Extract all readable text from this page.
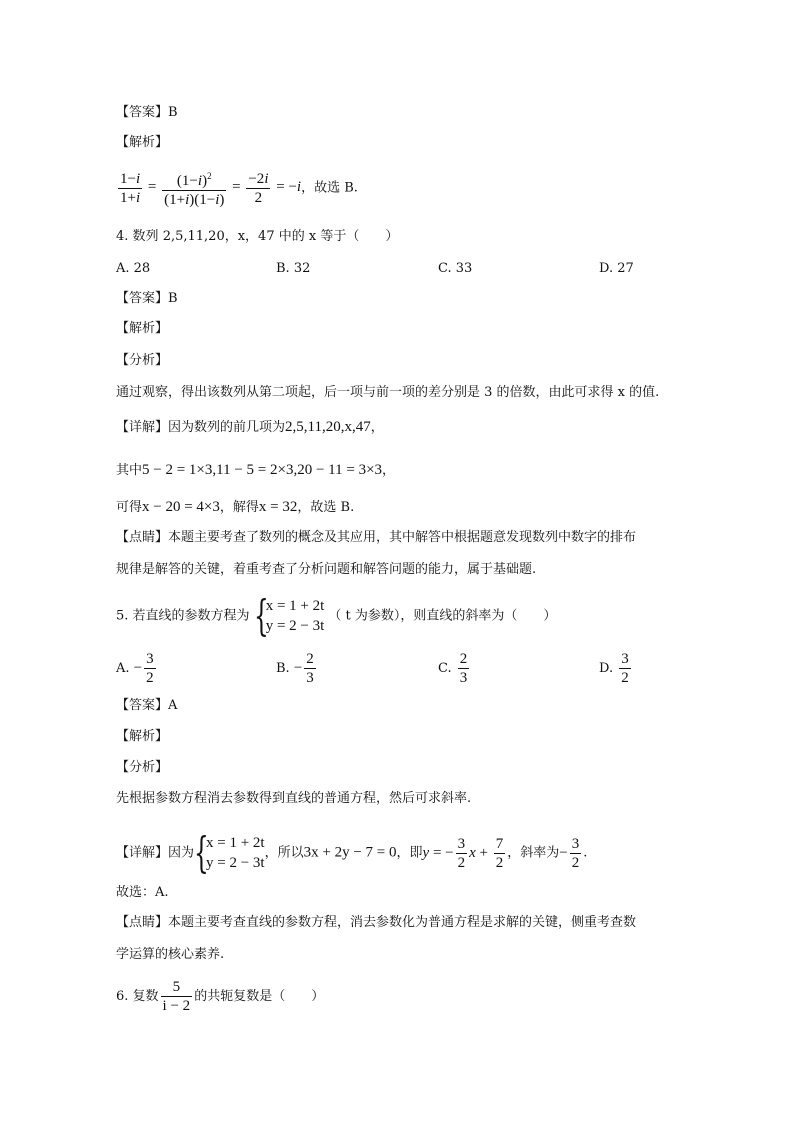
【答案】B
【解析】
$\frac{1-i}{1+i} = \frac{(1-i)^2}{(1+i)(1-i)} = \frac{-2i}{2} = -i$，故选 B.
4. 数列 2,5,11,20，x，47 中的 x 等于（　　）
A. 28	B. 32	C. 33	D. 27
【答案】B
【解析】
【分析】
通过观察，得出该数列从第二项起，后一项与前一项的差分别是 3 的倍数，由此可求得 x 的值.
【详解】因为数列的前几项为2,5,11,20,x,47，
其中5 − 2 = 1×3,11 − 5 = 2×3,20 − 11 = 3×3，
可得x − 20 = 4×3，解得x = 32，故选 B.
【点睛】本题主要考查了数列的概念及其应用，其中解答中根据题意发现数列中数字的排布
规律是解答的关键，着重考查了分析问题和解答问题的能力，属于基础题.
5. 若直线的参数方程为 {
x = 1 + 2t
y = 2 − 3t
（ t 为参数），则直线的斜率为（　　）
A. − $\frac{3}{2}$	B. − $\frac{2}{3}$	C. $\frac{2}{3}$	D. $\frac{3}{2}$
【答案】A
【解析】
【分析】
先根据参数方程消去参数得到直线的普通方程，然后可求斜率.
【详解】因为 {
x = 1 + 2t
y = 2 − 3t
，所以3x + 2y − 7 = 0，即y = − $\frac{3}{2}$ $x + \frac{7}{2}$ ，斜率为− $\frac{3}{2}$ .
故选：A.
【点睛】本题主要考查直线的参数方程，消去参数化为普通方程是求解的关键，侧重考查数
学运算的核心素养.
6. 复数 $\frac{5}{i - 2}$ 的共轭复数是（　　）
